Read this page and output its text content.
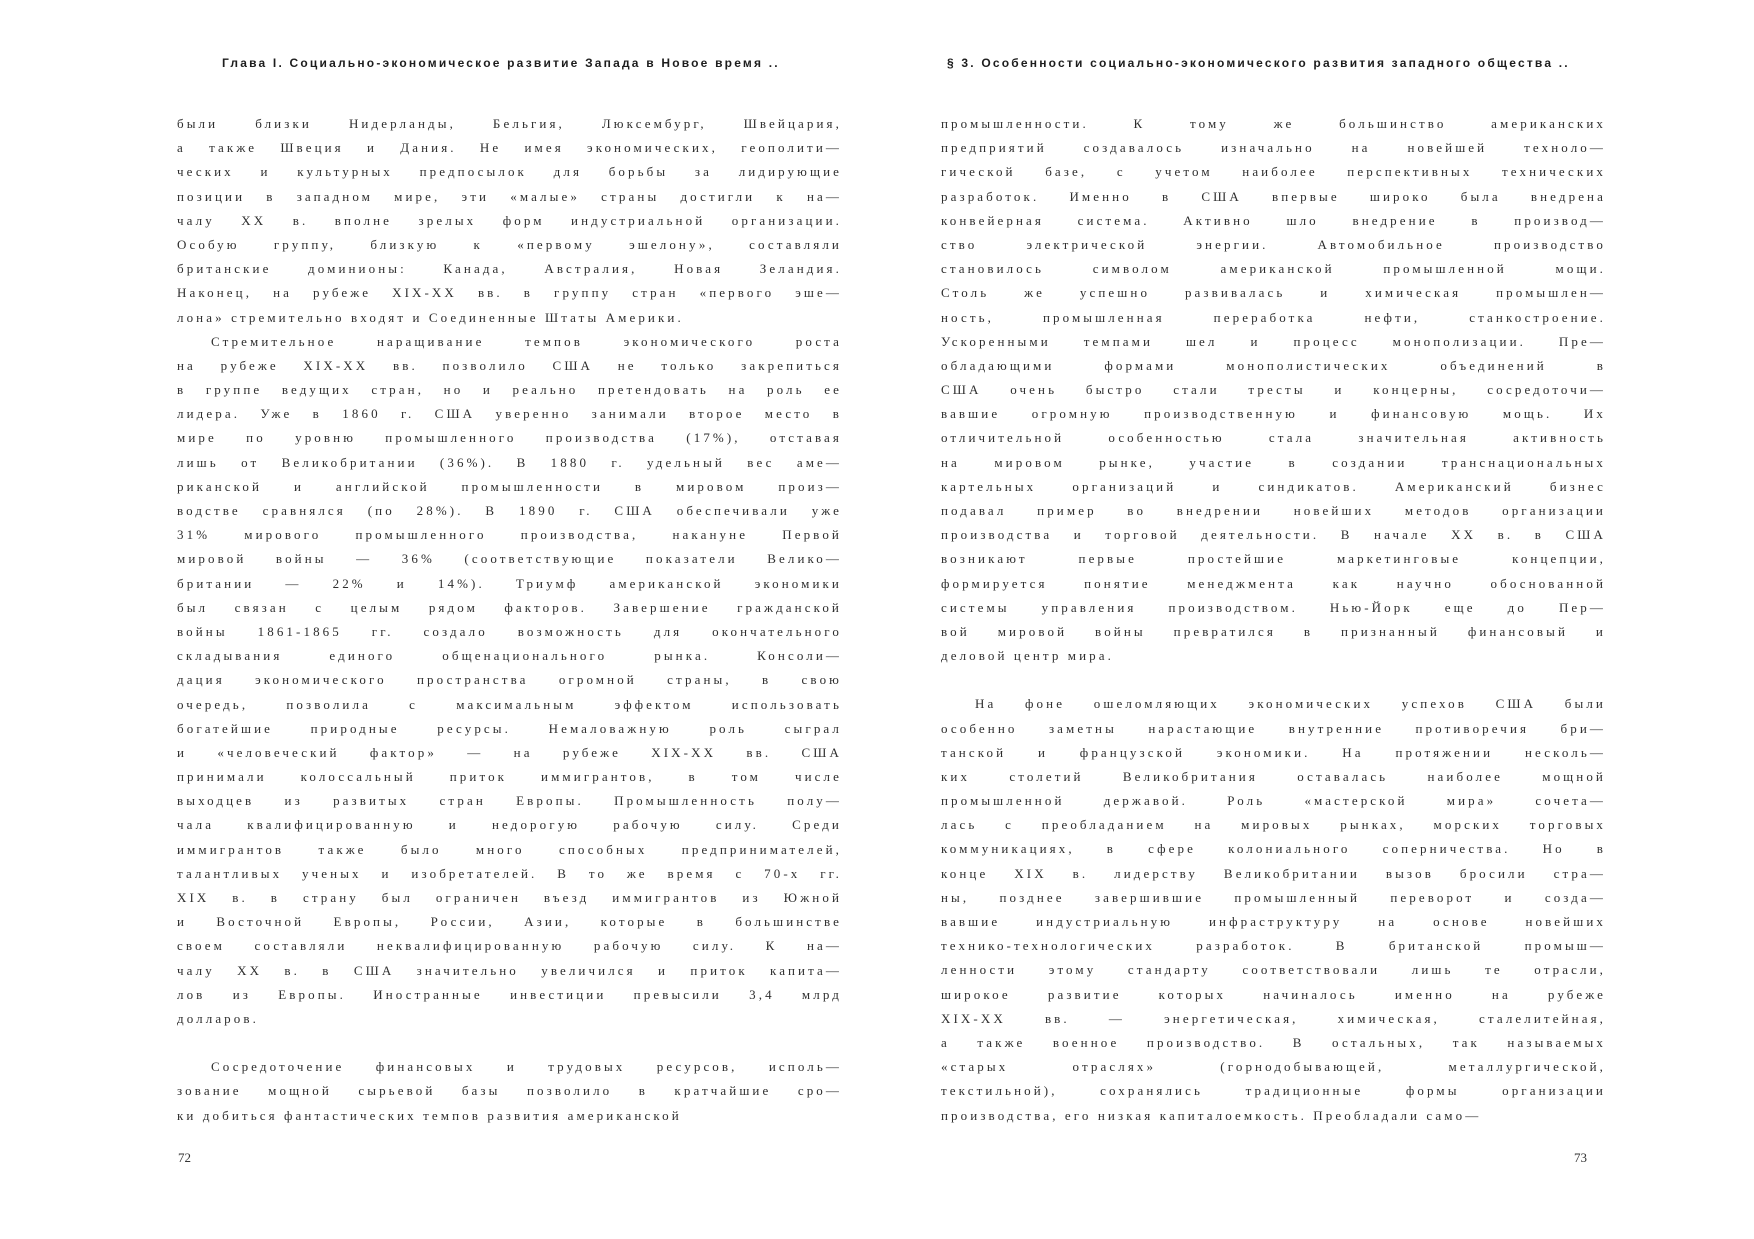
Глава I. Социально-экономическое развитие Запада в Новое время ..
были близки Нидерланды, Бельгия, Люксембург, Швейцария,
а также Швеция и Дания. Не имея экономических, геополити—
ческих и культурных предпосылок для борьбы за лидирующие
позиции в западном мире, эти «малые» страны достигли к на—
чалу XX в. вполне зрелых форм индустриальной организации.
Особую группу, близкую к «первому эшелону», составляли
британские доминионы: Канада, Австралия, Новая Зеландия.
Наконец, на рубеже XIX-XX вв. в группу стран «первого эше—
лона» стремительно входят и Соединенные Штаты Америки.
Стремительное наращивание темпов экономического роста
на рубеже XIX-XX вв. позволило США не только закрепиться
в группе ведущих стран, но и реально претендовать на роль ее
лидера. Уже в 1860 г. США уверенно занимали второе место в
мире по уровню промышленного производства (17%), отставая
лишь от Великобритании (36%). В 1880 г. удельный вес аме—
риканской и английской промышленности в мировом произ—
водстве сравнялся (по 28%). В 1890 г. США обеспечивали уже
31% мирового промышленного производства, накануне Первой
мировой войны — 36% (соответствующие показатели Велико—
британии — 22% и 14%). Триумф американской экономики
был связан с целым рядом факторов. Завершение гражданской
войны 1861-1865 гг. создало возможность для окончательного
складывания единого общенационального рынка. Консоли—
дация экономического пространства огромной страны, в свою
очередь, позволила с максимальным эффектом использовать
богатейшие природные ресурсы. Немаловажную роль сыграл
и «человеческий фактор» — на рубеже XIX-XX вв. США
принимали колоссальный приток иммигрантов, в том числе
выходцев из развитых стран Европы. Промышленность полу—
чала квалифицированную и недорогую рабочую силу. Среди
иммигрантов также было много способных предпринимателей,
талантливых ученых и изобретателей. В то же время с 70-х гг.
XIX в. в страну был ограничен въезд иммигрантов из Южной
и Восточной Европы, России, Азии, которые в большинстве
своем составляли неквалифицированную рабочую силу. К на—
чалу XX в. в США значительно увеличился и приток капита—
лов из Европы. Иностранные инвестиции превысили 3,4 млрд
долларов.
Сосредоточение финансовых и трудовых ресурсов, исполь—
зование мощной сырьевой базы позволило в кратчайшие сро—
ки добиться фантастических темпов развития американской
72
§ 3. Особенности социально-экономического развития западного общества ..
промышленности. К тому же большинство американских
предприятий создавалось изначально на новейшей техноло—
гической базе, с учетом наиболее перспективных технических
разработок. Именно в США впервые широко была внедрена
конвейерная система. Активно шло внедрение в производ—
ство электрической энергии. Автомобильное производство
становилось символом американской промышленной мощи.
Столь же успешно развивалась и химическая промышлен—
ность, промышленная переработка нефти, станкостроение.
Ускоренными темпами шел и процесс монополизации. Пре—
обладающими формами монополистических объединений в
США очень быстро стали тресты и концерны, сосредоточи—
вавшие огромную производственную и финансовую мощь. Их
отличительной особенностью стала значительная активность
на мировом рынке, участие в создании транснациональных
картельных организаций и синдикатов. Американский бизнес
подавал пример во внедрении новейших методов организации
производства и торговой деятельности. В начале XX в. в США
возникают первые простейшие маркетинговые концепции,
формируется понятие менеджмента как научно обоснованной
системы управления производством. Нью-Йорк еще до Пер—
вой мировой войны превратился в признанный финансовый и
деловой центр мира.
На фоне ошеломляющих экономических успехов США были
особенно заметны нарастающие внутренние противоречия бри—
танской и французской экономики. На протяжении несколь—
ких столетий Великобритания оставалась наиболее мощной
промышленной державой. Роль «мастерской мира» сочета—
лась с преобладанием на мировых рынках, морских торговых
коммуникациях, в сфере колониального соперничества. Но в
конце XIX в. лидерству Великобритании вызов бросили стра—
ны, позднее завершившие промышленный переворот и созда—
вавшие индустриальную инфраструктуру на основе новейших
технико-технологических разработок. В британской промыш—
ленности этому стандарту соответствовали лишь те отрасли,
широкое развитие которых начиналось именно на рубеже
XIX-XX вв. — энергетическая, химическая, сталелитейная,
а также военное производство. В остальных, так называемых
«старых отраслях» (горнодобывающей, металлургической,
текстильной), сохранялись традиционные формы организации
производства, его низкая капиталоемкость. Преобладали само—
73
